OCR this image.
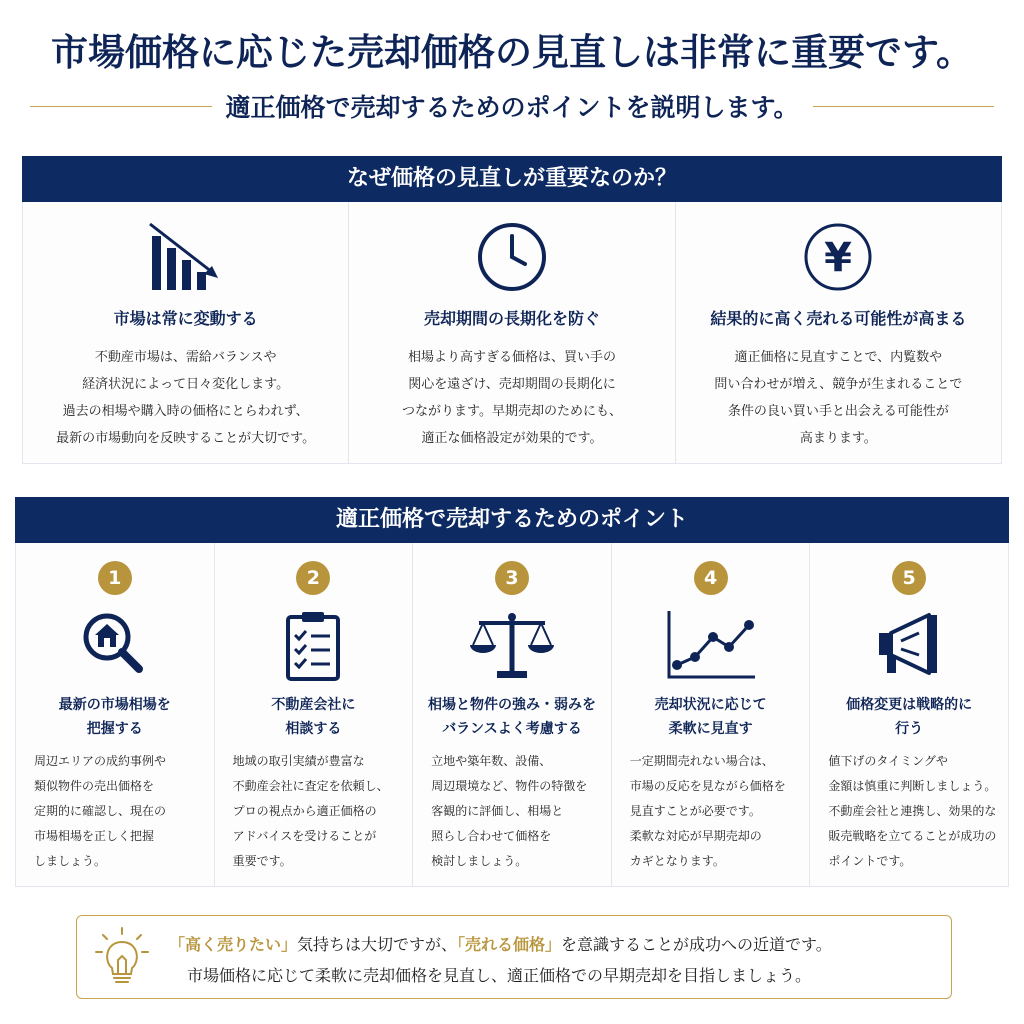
市場価格に応じた売却価格の見直しは非常に重要です。
適正価格で売却するためのポイントを説明します。
なぜ価格の見直しが重要なのか？
市場は常に変動する
不動産市場は、需給バランスや
経済状況によって日々変化します。
過去の相場や購入時の価格にとらわれず、
最新の市場動向を反映することが大切です。
売却期間の長期化を防ぐ
相場より高すぎる価格は、買い手の
関心を遠ざけ、売却期間の長期化に
つながります。早期売却のためにも、
適正な価格設定が効果的です。
¥
結果的に高く売れる可能性が高まる
適正価格に見直すことで、内覧数や
問い合わせが増え、競争が生まれることで
条件の良い買い手と出会える可能性が
高まります。
適正価格で売却するためのポイント
1
最新の市場相場を
把握する
周辺エリアの成約事例や
類似物件の売出価格を
定期的に確認し、現在の
市場相場を正しく把握
しましょう。
2
不動産会社に
相談する
地域の取引実績が豊富な
不動産会社に査定を依頼し、
プロの視点から適正価格の
アドバイスを受けることが
重要です。
3
相場と物件の強み・弱みを
バランスよく考慮する
立地や築年数、設備、
周辺環境など、物件の特徴を
客観的に評価し、相場と
照らし合わせて価格を
検討しましょう。
4
売却状況に応じて
柔軟に見直す
一定期間売れない場合は、
市場の反応を見ながら価格を
見直すことが必要です。
柔軟な対応が早期売却の
カギとなります。
5
価格変更は戦略的に
行う
値下げのタイミングや
金額は慎重に判断しましょう。
不動産会社と連携し、効果的な
販売戦略を立てることが成功の
ポイントです。
「高く売りたい」気持ちは大切ですが、「売れる価格」を意識することが成功への近道です。
市場価格に応じて柔軟に売却価格を見直し、適正価格での早期売却を目指しましょう。
